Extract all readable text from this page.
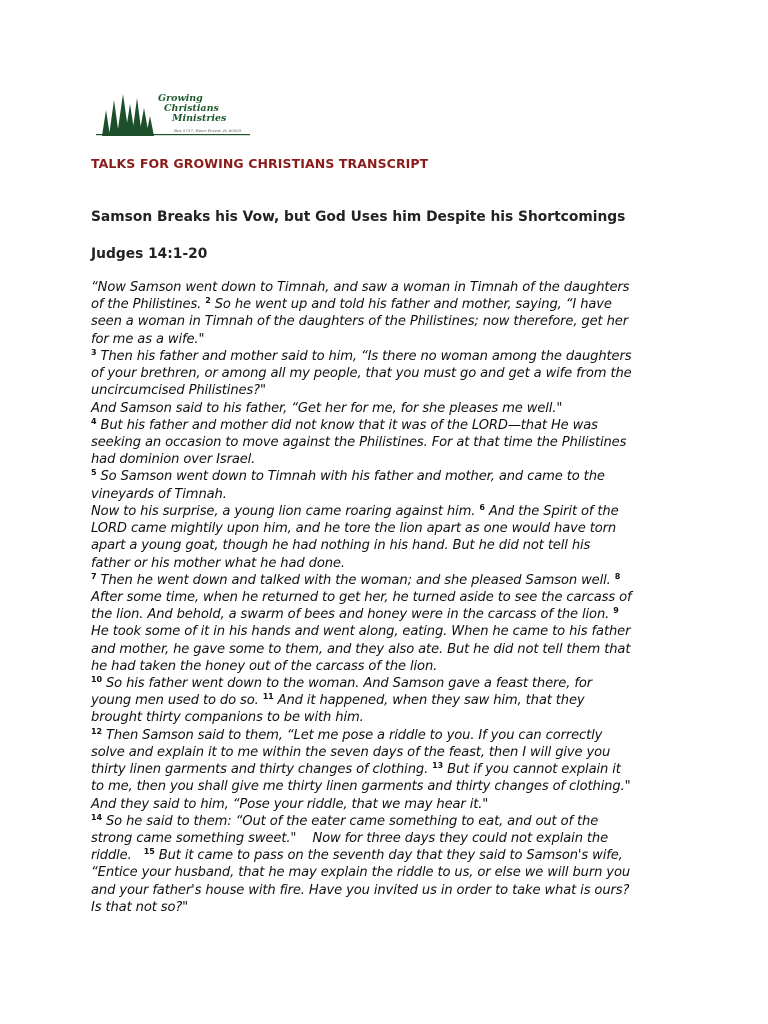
Growing
Christians
Ministries
Box 5737, River Forest, IL 60305
TALKS FOR GROWING CHRISTIANS TRANSCRIPT
Samson Breaks his Vow, but God Uses him Despite his Shortcomings
Judges 14:1-20
“Now Samson went down to Timnah, and saw a woman in Timnah of the daughters
of the Philistines. $^2$ So he went up and told his father and mother, saying, “I have
seen a woman in Timnah of the daughters of the Philistines; now therefore, get her
for me as a wife."
$^3$ Then his father and mother said to him, “Is there no woman among the daughters
of your brethren, or among all my people, that you must go and get a wife from the
uncircumcised Philistines?"
And Samson said to his father, “Get her for me, for she pleases me well."
$^4$ But his father and mother did not know that it was of the LORD—that He was
seeking an occasion to move against the Philistines. For at that time the Philistines
had dominion over Israel.
$^5$ So Samson went down to Timnah with his father and mother, and came to the
vineyards of Timnah.
Now to his surprise, a young lion came roaring against him. $^6$ And the Spirit of the
LORD came mightily upon him, and he tore the lion apart as one would have torn
apart a young goat, though he had nothing in his hand. But he did not tell his
father or his mother what he had done.
$^7$ Then he went down and talked with the woman; and she pleased Samson well. $^8$
After some time, when he returned to get her, he turned aside to see the carcass of
the lion. And behold, a swarm of bees and honey were in the carcass of the lion. $^9$
He took some of it in his hands and went along, eating. When he came to his father
and mother, he gave some to them, and they also ate. But he did not tell them that
he had taken the honey out of the carcass of the lion.
$^{10}$ So his father went down to the woman. And Samson gave a feast there, for
young men used to do so. $^{11}$ And it happened, when they saw him, that they
brought thirty companions to be with him.
$^{12}$ Then Samson said to them, “Let me pose a riddle to you. If you can correctly
solve and explain it to me within the seven days of the feast, then I will give you
thirty linen garments and thirty changes of clothing. $^{13}$ But if you cannot explain it
to me, then you shall give me thirty linen garments and thirty changes of clothing."
And they said to him, “Pose your riddle, that we may hear it."
$^{14}$ So he said to them: “Out of the eater came something to eat, and out of the
strong came something sweet."    Now for three days they could not explain the
riddle.   $^{15}$ But it came to pass on the seventh day that they said to Samson's wife,
“Entice your husband, that he may explain the riddle to us, or else we will burn you
and your father's house with fire. Have you invited us in order to take what is ours?
Is that not so?"
